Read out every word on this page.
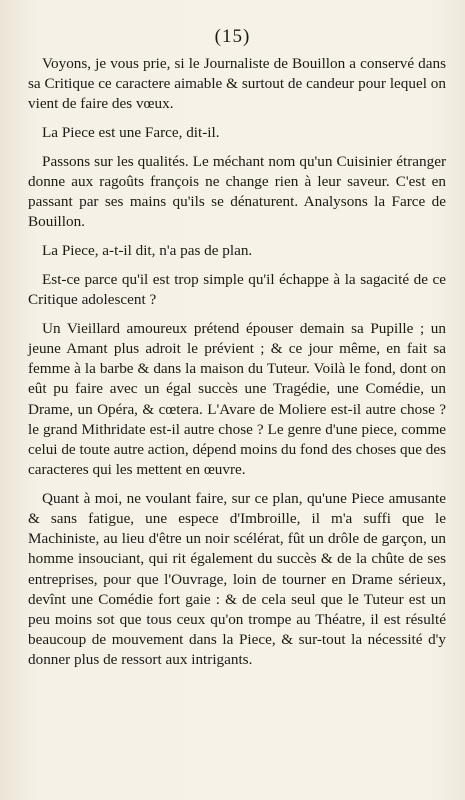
(15)

Voyons, je vous prie, si le Journaliste de Bouillon a conservé dans sa Critique ce caractere aimable & surtout de candeur pour lequel on vient de faire des vœux.

La Piece est une Farce, dit-il.

Passons sur les qualités. Le méchant nom qu'un Cuisinier étranger donne aux ragoûts françois ne change rien à leur saveur. C'est en passant par ses mains qu'ils se dénaturent. Analysons la Farce de Bouillon.

La Piece, a-t-il dit, n'a pas de plan.

Est-ce parce qu'il est trop simple qu'il échappe à la sagacité de ce Critique adolescent ?

Un Vieillard amoureux prétend épouser demain sa Pupille ; un jeune Amant plus adroit le prévient ; & ce jour même, en fait sa femme à la barbe & dans la maison du Tuteur. Voilà le fond, dont on eût pu faire avec un égal succès une Tragédie, une Comédie, un Drame, un Opéra, & cœtera. L'Avare de Moliere est-il autre chose ? le grand Mithridate est-il autre chose ? Le genre d'une piece, comme celui de toute autre action, dépend moins du fond des choses que des caracteres qui les mettent en œuvre.

Quant à moi, ne voulant faire, sur ce plan, qu'une Piece amusante & sans fatigue, une espece d'Imbroille, il m'a suffi que le Machiniste, au lieu d'être un noir scélérat, fût un drôle de garçon, un homme insouciant, qui rit également du succès & de la chûte de ses entreprises, pour que l'Ouvrage, loin de tourner en Drame sérieux, devînt une Comédie fort gaie : & de cela seul que le Tuteur est un peu moins sot que tous ceux qu'on trompe au Théatre, il est résulté beaucoup de mouvement dans la Piece, & sur-tout la nécessité d'y donner plus de ressort aux intrigants.
